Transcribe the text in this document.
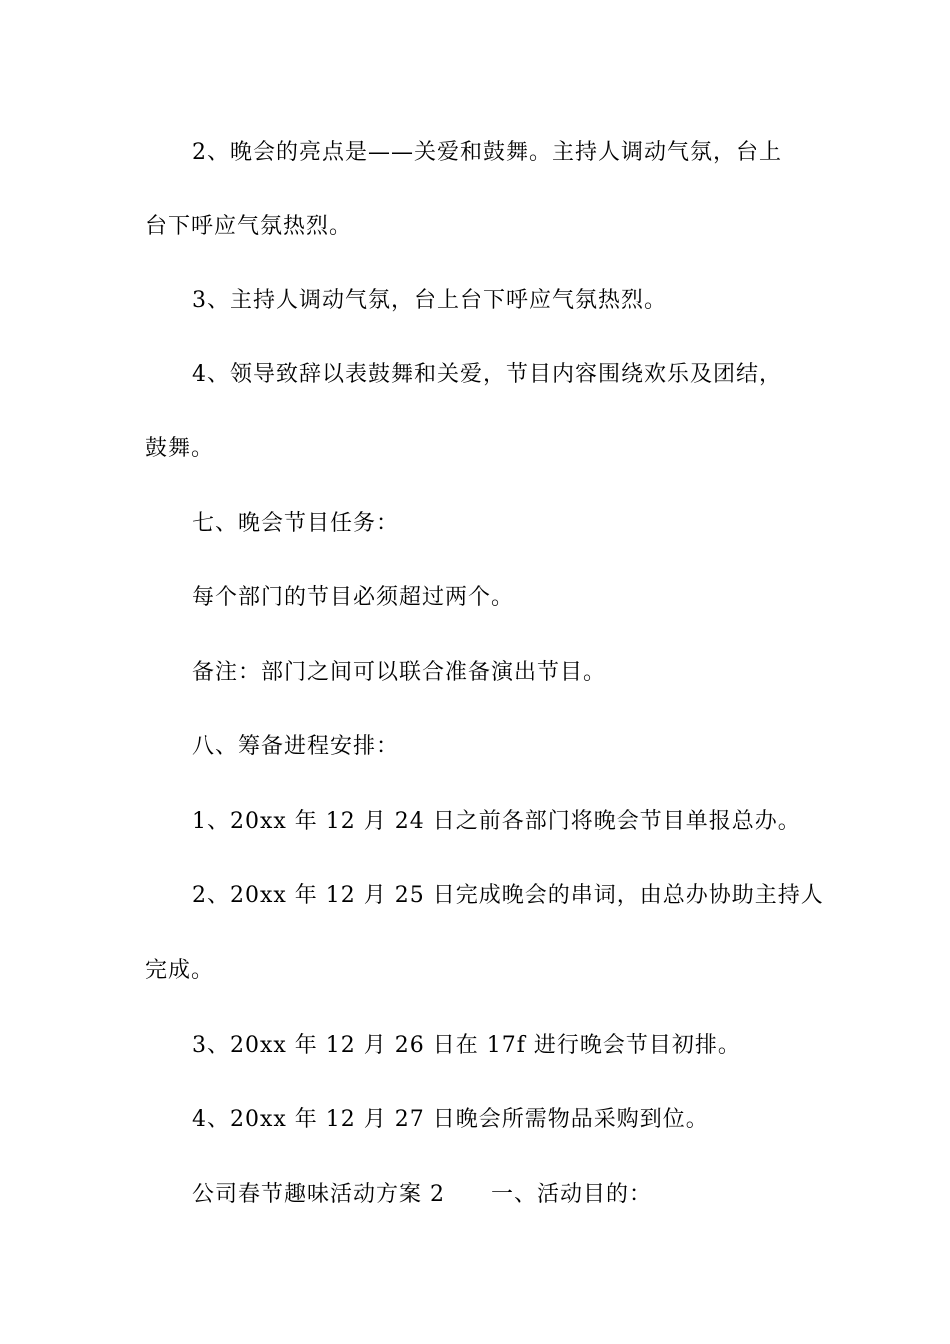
2、晚会的亮点是——关爱和鼓舞。主持人调动气氛，台上
台下呼应气氛热烈。
3、主持人调动气氛，台上台下呼应气氛热烈。
4、领导致辞以表鼓舞和关爱，节目内容围绕欢乐及团结，
鼓舞。
七、晚会节目任务：
每个部门的节目必须超过两个。
备注：部门之间可以联合准备演出节目。
八、筹备进程安排：
1、20xx 年 12 月 24 日之前各部门将晚会节目单报总办。
2、20xx 年 12 月 25 日完成晚会的串词，由总办协助主持人
完成。
3、20xx 年 12 月 26 日在 17f 进行晚会节目初排。
4、20xx 年 12 月 27 日晚会所需物品采购到位。
公司春节趣味活动方案 2　　一、活动目的：
